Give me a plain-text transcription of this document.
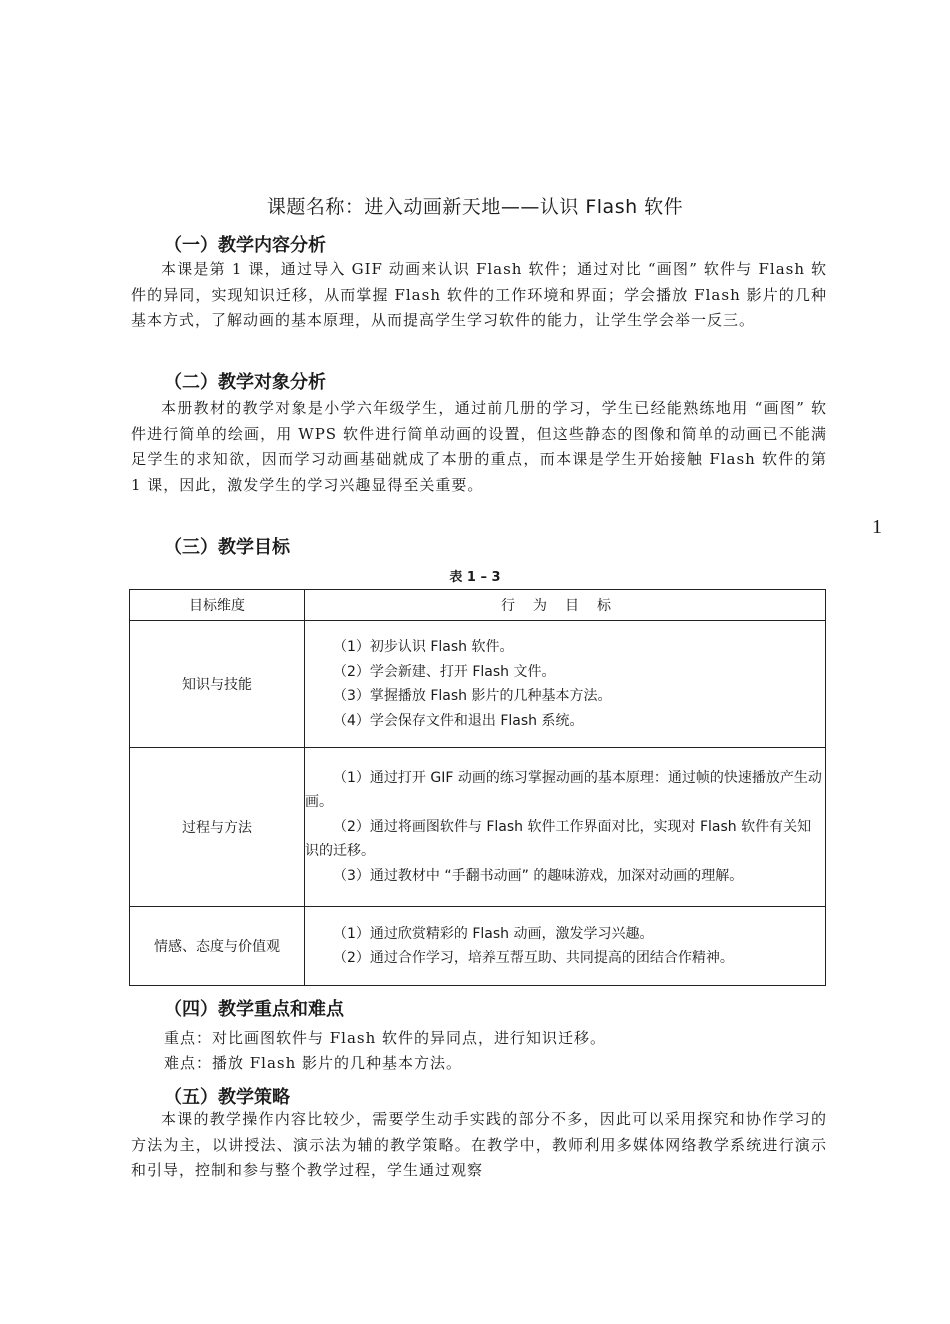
课题名称：进入动画新天地——认识 Flash 软件
（一）教学内容分析

本课是第 1 课，通过导入 GIF 动画来认识 Flash 软件；通过对比 “画图” 软件与 Flash 软件的异同，实现知识迁移，从而掌握 Flash 软件的工作环境和界面；学会播放 Flash 影片的几种基本方式，了解动画的基本原理，从而提高学生学习软件的能力，让学生学会举一反三。

（二）教学对象分析

本册教材的教学对象是小学六年级学生，通过前几册的学习，学生已经能熟练地用 “画图” 软件进行简单的绘画，用 WPS 软件进行简单动画的设置，但这些静态的图像和简单的动画已不能满足学生的求知欲，因而学习动画基础就成了本册的重点，而本课是学生开始接触 Flash 软件的第 1 课，因此，激发学生的学习兴趣显得至关重要。

（三）教学目标
1
表 1 – 3
目标维度	行为目标
知识与技能	（1）初步认识 Flash 软件。
（2）学会新建、打开 Flash 文件。
（3）掌握播放 Flash 影片的几种基本方法。
（4）学会保存文件和退出 Flash 系统。

过程与方法	（1）通过打开 GIF 动画的练习掌握动画的基本原理：通过帧的快速播放产生动画。
（2）通过将画图软件与 Flash 软件工作界面对比，实现对 Flash 软件有关知识的迁移。
（3）通过教材中 “手翻书动画” 的趣味游戏，加深对动画的理解。

情感、态度与价值观	（1）通过欣赏精彩的 Flash 动画，激发学习兴趣。
（2）通过合作学习，培养互帮互助、共同提高的团结合作精神。
（四）教学重点和难点

重点：对比画图软件与 Flash 软件的异同点，进行知识迁移。

难点：播放 Flash 影片的几种基本方法。

（五）教学策略

本课的教学操作内容比较少，需要学生动手实践的部分不多，因此可以采用探究和协作学习的方法为主，以讲授法、演示法为辅的教学策略。在教学中，教师利用多媒体网络教学系统进行演示和引导，控制和参与整个教学过程，学生通过观察
